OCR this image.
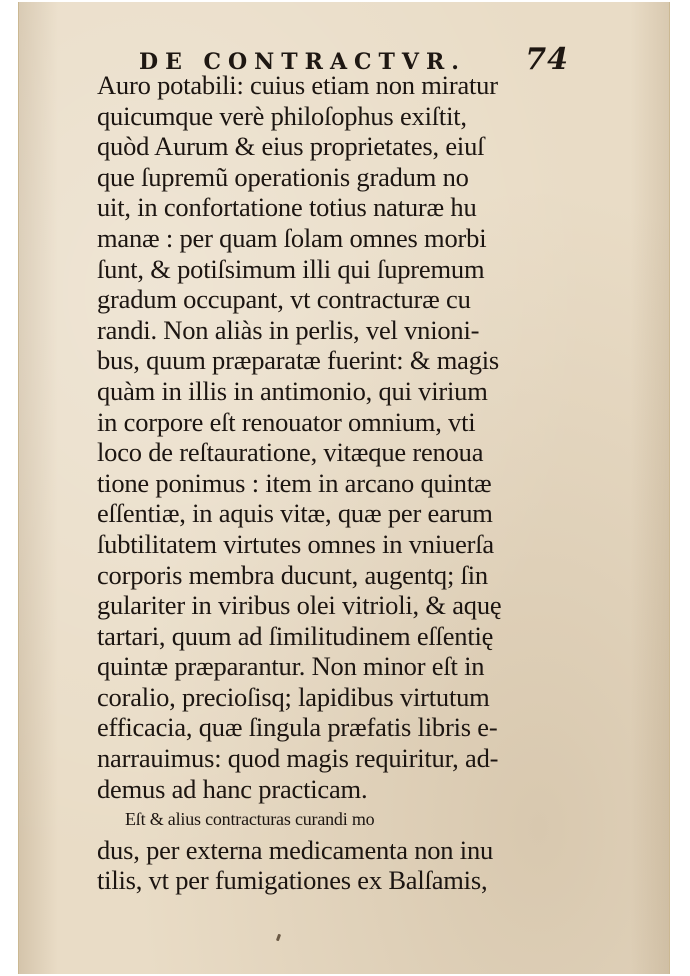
DE CONTRACTVR. 74
Auro potabili: cuius etiam non miratur
quicumque verè philoſophus exiſtit,
quòd Aurum & eius proprietates, eiuſ
que ſupremũ operationis gradum no
uit, in confortatione totius naturæ hu
manæ : per quam ſolam omnes morbi
ſunt, & potiſsimum illi qui ſupremum
gradum occupant, vt contracturæ cu
randi. Non aliàs in perlis, vel vnioni-
bus, quum præparatæ fuerint: & magis
quàm in illis in antimonio, qui virium
in corpore eſt renouator omnium, vti
loco de reſtauratione, vitæque renoua
tione ponimus : item in arcano quintæ
eſſentiæ, in aquis vitæ, quæ per earum
ſubtilitatem virtutes omnes in vniuerſa
corporis membra ducunt, augentq; ſin
gulariter in viribus olei vitrioli, & aquę
tartari, quum ad ſimilitudinem eſſentię
quintæ præparantur. Non minor eſt in
coralio, precioſisq; lapidibus virtutum
efficacia, quæ ſingula præfatis libris e-
narrauimus: quod magis requiritur, ad-
demus ad hanc practicam.
Eſt & alius contracturas curandi mo
dus, per externa medicamenta non inu
tilis, vt per fumigationes ex Balſamis,
